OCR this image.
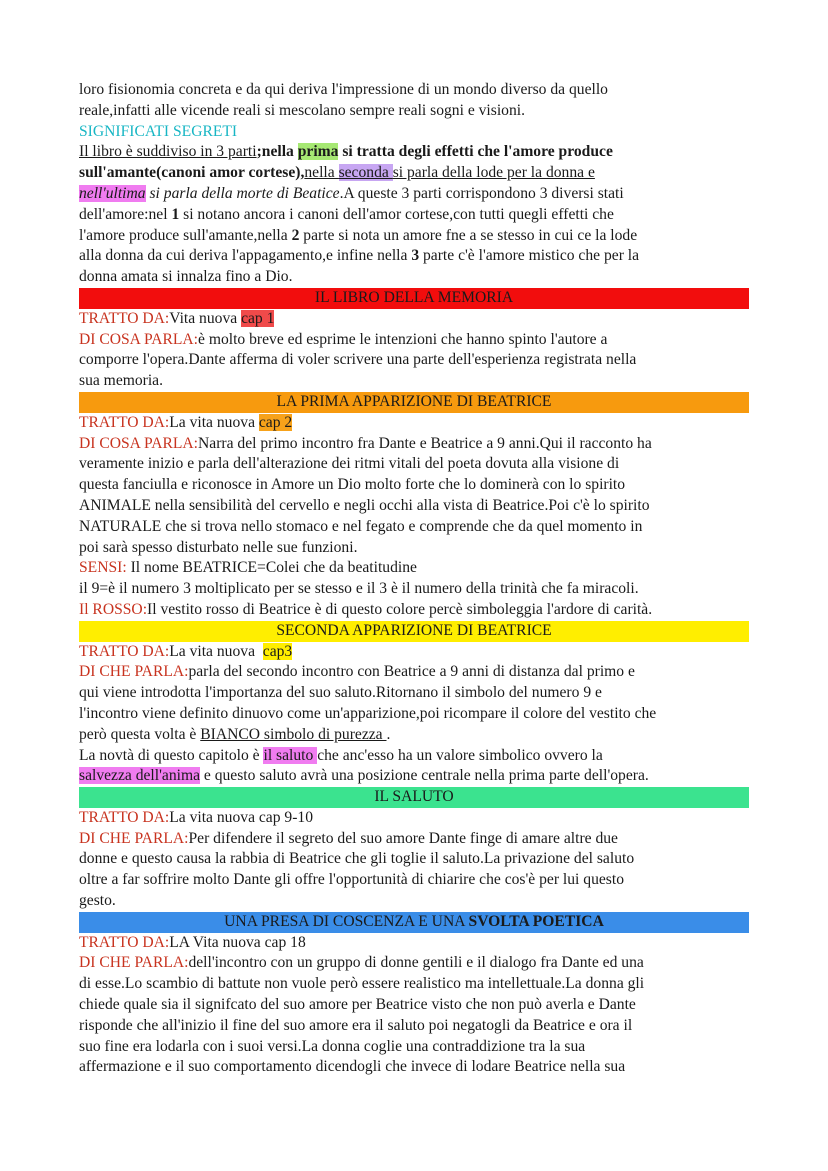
loro fisionomia concreta e da qui deriva l'impressione di un mondo diverso da quello
reale,infatti alle vicende reali si mescolano sempre reali sogni e visioni.
SIGNIFICATI SEGRETI
Il libro è suddiviso in 3 parti;nella prima si tratta degli effetti che l'amore produce
sull'amante(canoni amor cortese),nella seconda si parla della lode per la donna e
nell'ultima si parla della morte di Beatice.A queste 3 parti corrispondono 3 diversi stati
dell'amore:nel 1 si notano ancora i canoni dell'amor cortese,con tutti quegli effetti che
l'amore produce sull'amante,nella 2 parte si nota un amore fne a se stesso in cui ce la lode
alla donna da cui deriva l'appagamento,e infine nella 3 parte c'è l'amore mistico che per la
donna amata si innalza fino a Dio.
IL LIBRO DELLA MEMORIA
TRATTO DA:Vita nuova cap 1
DI COSA PARLA:è molto breve ed esprime le intenzioni che hanno spinto l'autore a
comporre l'opera.Dante afferma di voler scrivere una parte dell'esperienza registrata nella
sua memoria.
LA PRIMA APPARIZIONE DI BEATRICE
TRATTO DA:La vita nuova cap 2
DI COSA PARLA:Narra del primo incontro fra Dante e Beatrice a 9 anni.Qui il racconto ha
veramente inizio e parla dell'alterazione dei ritmi vitali del poeta dovuta alla visione di
questa fanciulla e riconosce in Amore un Dio molto forte che lo dominerà con lo spirito
ANIMALE nella sensibilità del cervello e negli occhi alla vista di Beatrice.Poi c'è lo spirito
NATURALE che si trova nello stomaco e nel fegato e comprende che da quel momento in
poi sarà spesso disturbato nelle sue funzioni.
SENSI: Il nome BEATRICE=Colei che da beatitudine
il 9=è il numero 3 moltiplicato per se stesso e il 3 è il numero della trinità che fa miracoli.
Il ROSSO:Il vestito rosso di Beatrice è di questo colore percè simboleggia l'ardore di carità.
SECONDA APPARIZIONE DI BEATRICE
TRATTO DA:La vita nuova  cap3
DI CHE PARLA:parla del secondo incontro con Beatrice a 9 anni di distanza dal primo e
qui viene introdotta l'importanza del suo saluto.Ritornano il simbolo del numero 9 e
l'incontro viene definito dinuovo come un'apparizione,poi ricompare il colore del vestito che
però questa volta è BIANCO simbolo di purezza .
La novtà di questo capitolo è il saluto che anc'esso ha un valore simbolico ovvero la
salvezza dell'anima e questo saluto avrà una posizione centrale nella prima parte dell'opera.
IL SALUTO
TRATTO DA:La vita nuova cap 9-10
DI CHE PARLA:Per difendere il segreto del suo amore Dante finge di amare altre due
donne e questo causa la rabbia di Beatrice che gli toglie il saluto.La privazione del saluto
oltre a far soffrire molto Dante gli offre l'opportunità di chiarire che cos'è per lui questo
gesto.
UNA PRESA DI COSCENZA E UNA SVOLTA POETICA
TRATTO DA:LA Vita nuova cap 18
DI CHE PARLA:dell'incontro con un gruppo di donne gentili e il dialogo fra Dante ed una
di esse.Lo scambio di battute non vuole però essere realistico ma intellettuale.La donna gli
chiede quale sia il signifcato del suo amore per Beatrice visto che non può averla e Dante
risponde che all'inizio il fine del suo amore era il saluto poi negatogli da Beatrice e ora il
suo fine era lodarla con i suoi versi.La donna coglie una contraddizione tra la sua
affermazione e il suo comportamento dicendogli che invece di lodare Beatrice nella sua
